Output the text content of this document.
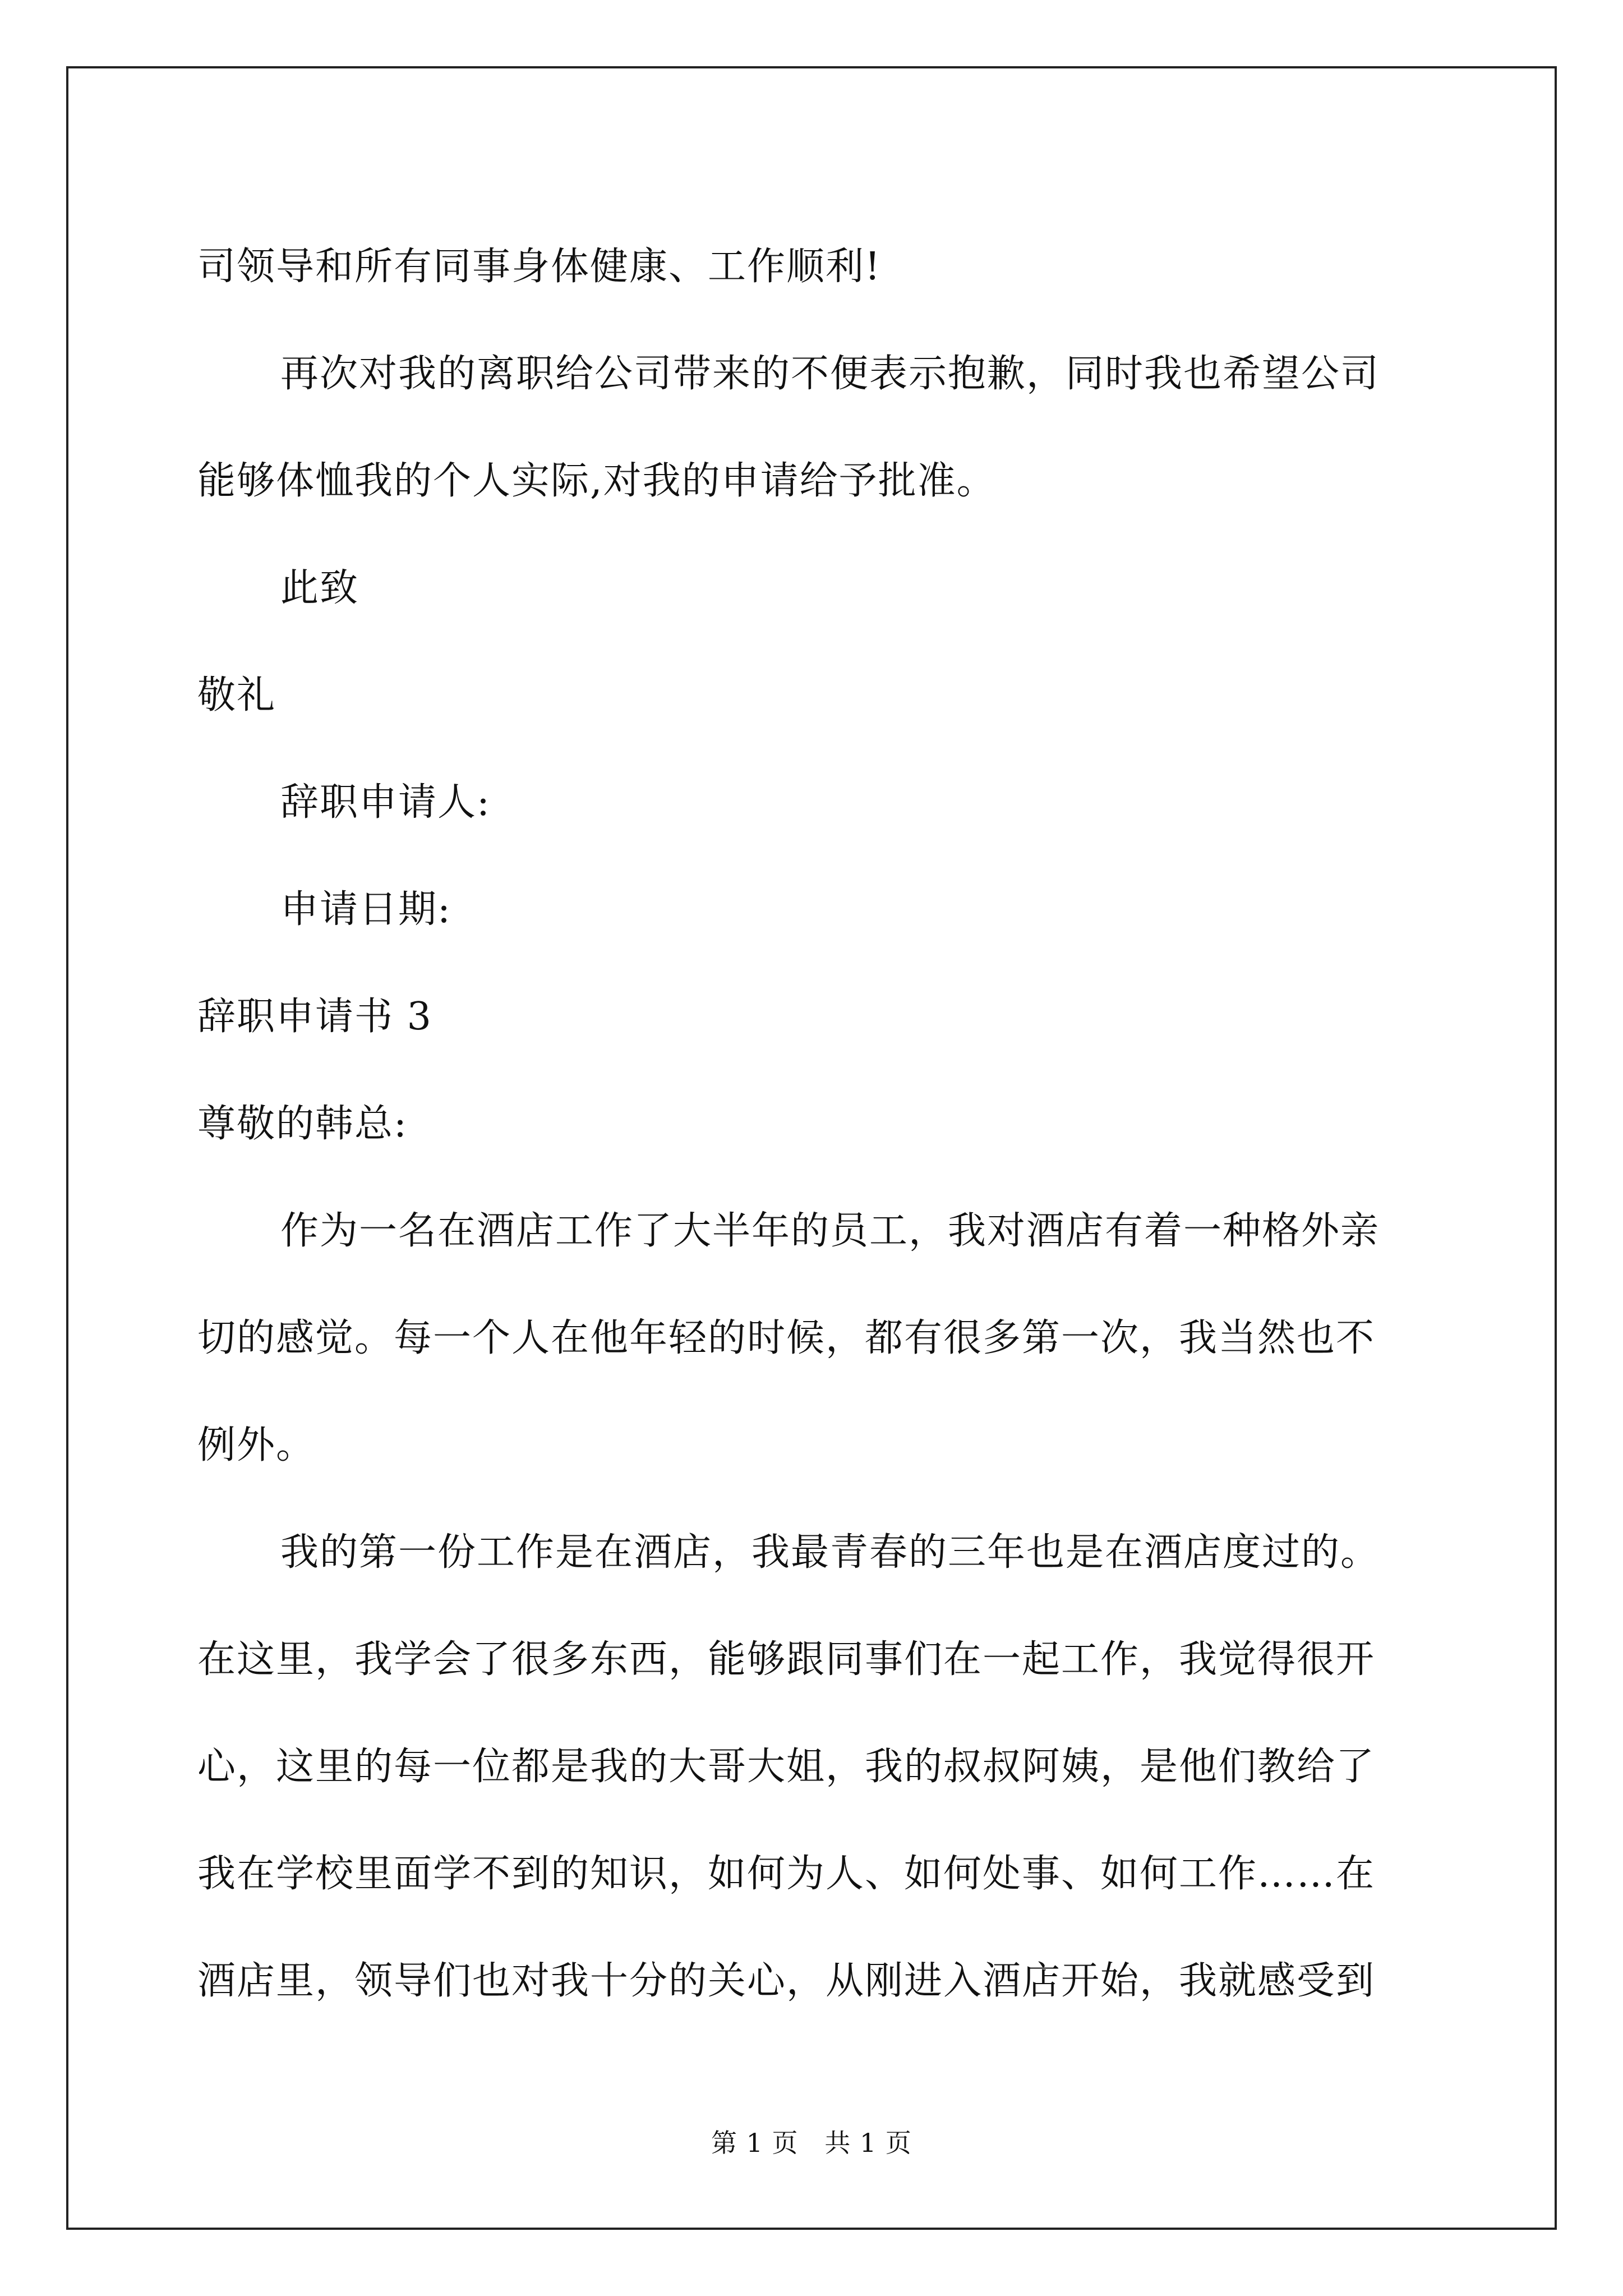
司领导和所有同事身体健康、工作顺利!
再次对我的离职给公司带来的不便表示抱歉，同时我也希望公司
能够体恤我的个人实际,对我的申请给予批准。
此致
敬礼
辞职申请人:
申请日期:
辞职申请书 3
尊敬的韩总:
作为一名在酒店工作了大半年的员工，我对酒店有着一种格外亲
切的感觉。每一个人在他年轻的时候，都有很多第一次，我当然也不
例外。
我的第一份工作是在酒店，我最青春的三年也是在酒店度过的。
在这里，我学会了很多东西，能够跟同事们在一起工作，我觉得很开
心，这里的每一位都是我的大哥大姐，我的叔叔阿姨，是他们教给了
我在学校里面学不到的知识，如何为人、如何处事、如何工作……在
酒店里，领导们也对我十分的关心，从刚进入酒店开始，我就感受到
第 1 页   共 1 页
